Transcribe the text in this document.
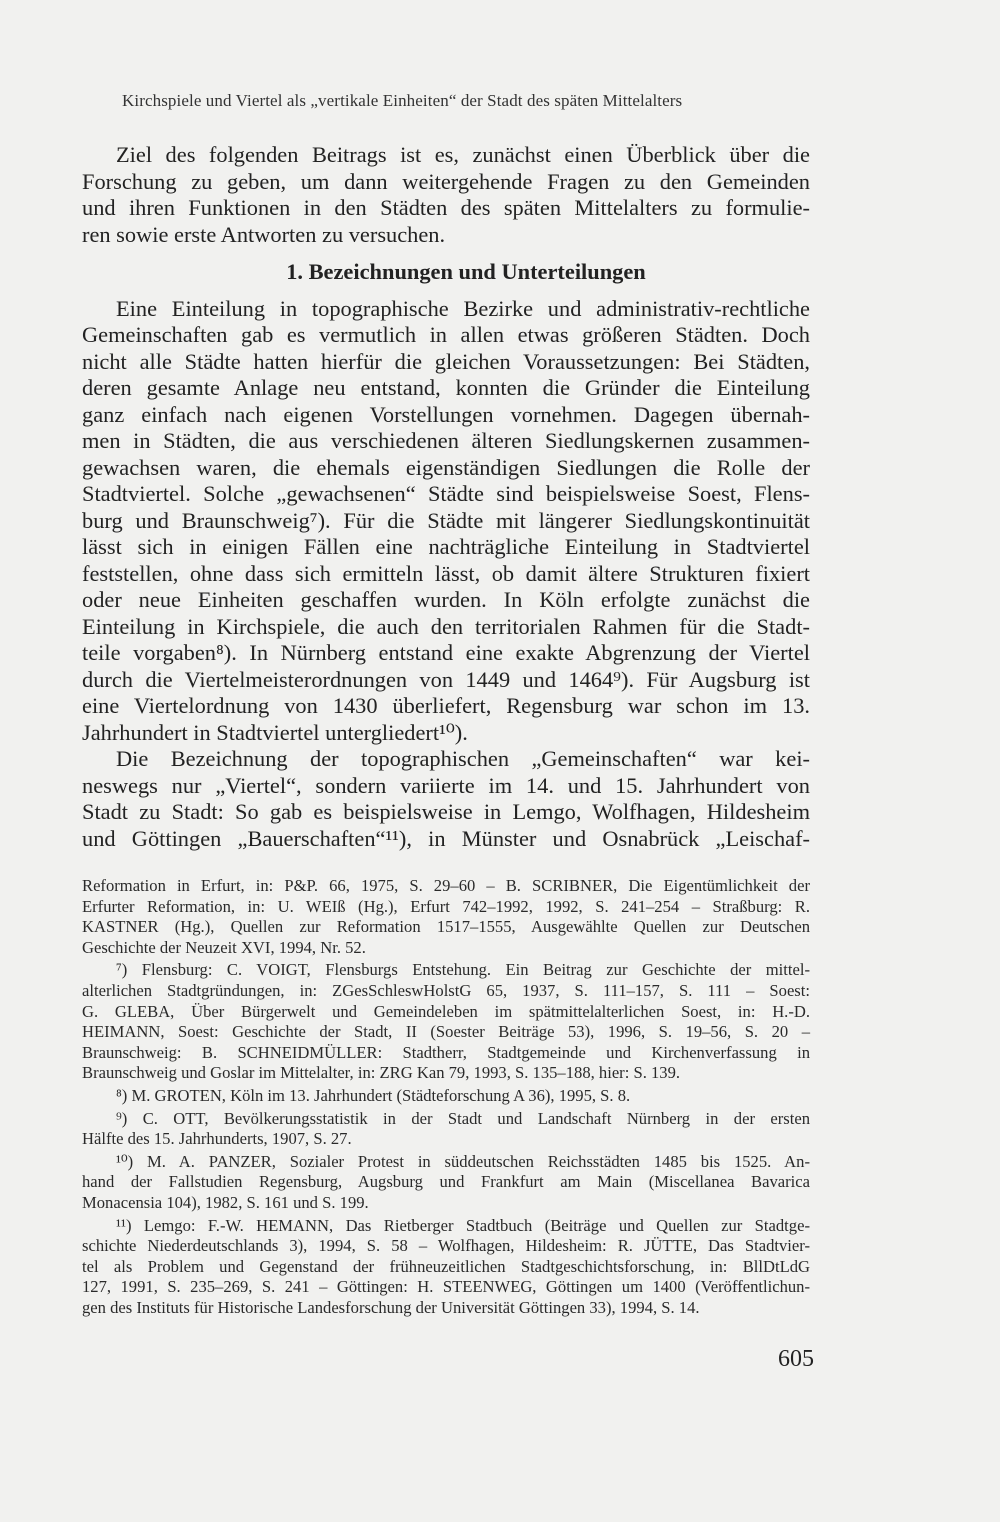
Kirchspiele und Viertel als „vertikale Einheiten“ der Stadt des späten Mittelalters
Ziel des folgenden Beitrags ist es, zunächst einen Überblick über die
Forschung zu geben, um dann weitergehende Fragen zu den Gemeinden
und ihren Funktionen in den Städten des späten Mittelalters zu formulie-
ren sowie erste Antworten zu versuchen.
1. Bezeichnungen und Unterteilungen
Eine Einteilung in topographische Bezirke und administrativ-rechtliche
Gemeinschaften gab es vermutlich in allen etwas größeren Städten. Doch
nicht alle Städte hatten hierfür die gleichen Voraussetzungen: Bei Städten,
deren gesamte Anlage neu entstand, konnten die Gründer die Einteilung
ganz einfach nach eigenen Vorstellungen vornehmen. Dagegen übernah-
men in Städten, die aus verschiedenen älteren Siedlungskernen zusammen-
gewachsen waren, die ehemals eigenständigen Siedlungen die Rolle der
Stadtviertel. Solche „gewachsenen“ Städte sind beispielsweise Soest, Flens-
burg und Braunschweig⁷). Für die Städte mit längerer Siedlungskontinuität
lässt sich in einigen Fällen eine nachträgliche Einteilung in Stadtviertel
feststellen, ohne dass sich ermitteln lässt, ob damit ältere Strukturen fixiert
oder neue Einheiten geschaffen wurden. In Köln erfolgte zunächst die
Einteilung in Kirchspiele, die auch den territorialen Rahmen für die Stadt-
teile vorgaben⁸). In Nürnberg entstand eine exakte Abgrenzung der Viertel
durch die Viertelmeisterordnungen von 1449 und 1464⁹). Für Augsburg ist
eine Viertelordnung von 1430 überliefert, Regensburg war schon im 13.
Jahrhundert in Stadtviertel untergliedert¹⁰).
Die Bezeichnung der topographischen „Gemeinschaften“ war kei-
neswegs nur „Viertel“, sondern variierte im 14. und 15. Jahrhundert von
Stadt zu Stadt: So gab es beispielsweise in Lemgo, Wolfhagen, Hildesheim
und Göttingen „Bauerschaften“¹¹), in Münster und Osnabrück „Leischaf-
Reformation in Erfurt, in: P&P. 66, 1975, S. 29–60 – B. SCRIBNER, Die Eigentümlichkeit der
Erfurter Reformation, in: U. WEIß (Hg.), Erfurt 742–1992, 1992, S. 241–254 – Straßburg: R.
KASTNER (Hg.), Quellen zur Reformation 1517–1555, Ausgewählte Quellen zur Deutschen
Geschichte der Neuzeit XVI, 1994, Nr. 52.
⁷) Flensburg: C. VOIGT, Flensburgs Entstehung. Ein Beitrag zur Geschichte der mittel-
alterlichen Stadtgründungen, in: ZGesSchleswHolstG 65, 1937, S. 111–157, S. 111 – Soest:
G. GLEBA, Über Bürgerwelt und Gemeindeleben im spätmittelalterlichen Soest, in: H.-D.
HEIMANN, Soest: Geschichte der Stadt, II (Soester Beiträge 53), 1996, S. 19–56, S. 20 –
Braunschweig: B. SCHNEIDMÜLLER: Stadtherr, Stadtgemeinde und Kirchenverfassung in
Braunschweig und Goslar im Mittelalter, in: ZRG Kan 79, 1993, S. 135–188, hier: S. 139.
⁸) M. GROTEN, Köln im 13. Jahrhundert (Städteforschung A 36), 1995, S. 8.
⁹) C. OTT, Bevölkerungsstatistik in der Stadt und Landschaft Nürnberg in der ersten
Hälfte des 15. Jahrhunderts, 1907, S. 27.
¹⁰) M. A. PANZER, Sozialer Protest in süddeutschen Reichsstädten 1485 bis 1525. An-
hand der Fallstudien Regensburg, Augsburg und Frankfurt am Main (Miscellanea Bavarica
Monacensia 104), 1982, S. 161 und S. 199.
¹¹) Lemgo: F.-W. HEMANN, Das Rietberger Stadtbuch (Beiträge und Quellen zur Stadtge-
schichte Niederdeutschlands 3), 1994, S. 58 – Wolfhagen, Hildesheim: R. JÜTTE, Das Stadtvier-
tel als Problem und Gegenstand der frühneuzeitlichen Stadtgeschichtsforschung, in: BllDtLdG
127, 1991, S. 235–269, S. 241 – Göttingen: H. STEENWEG, Göttingen um 1400 (Veröffentlichun-
gen des Instituts für Historische Landesforschung der Universität Göttingen 33), 1994, S. 14.
605
